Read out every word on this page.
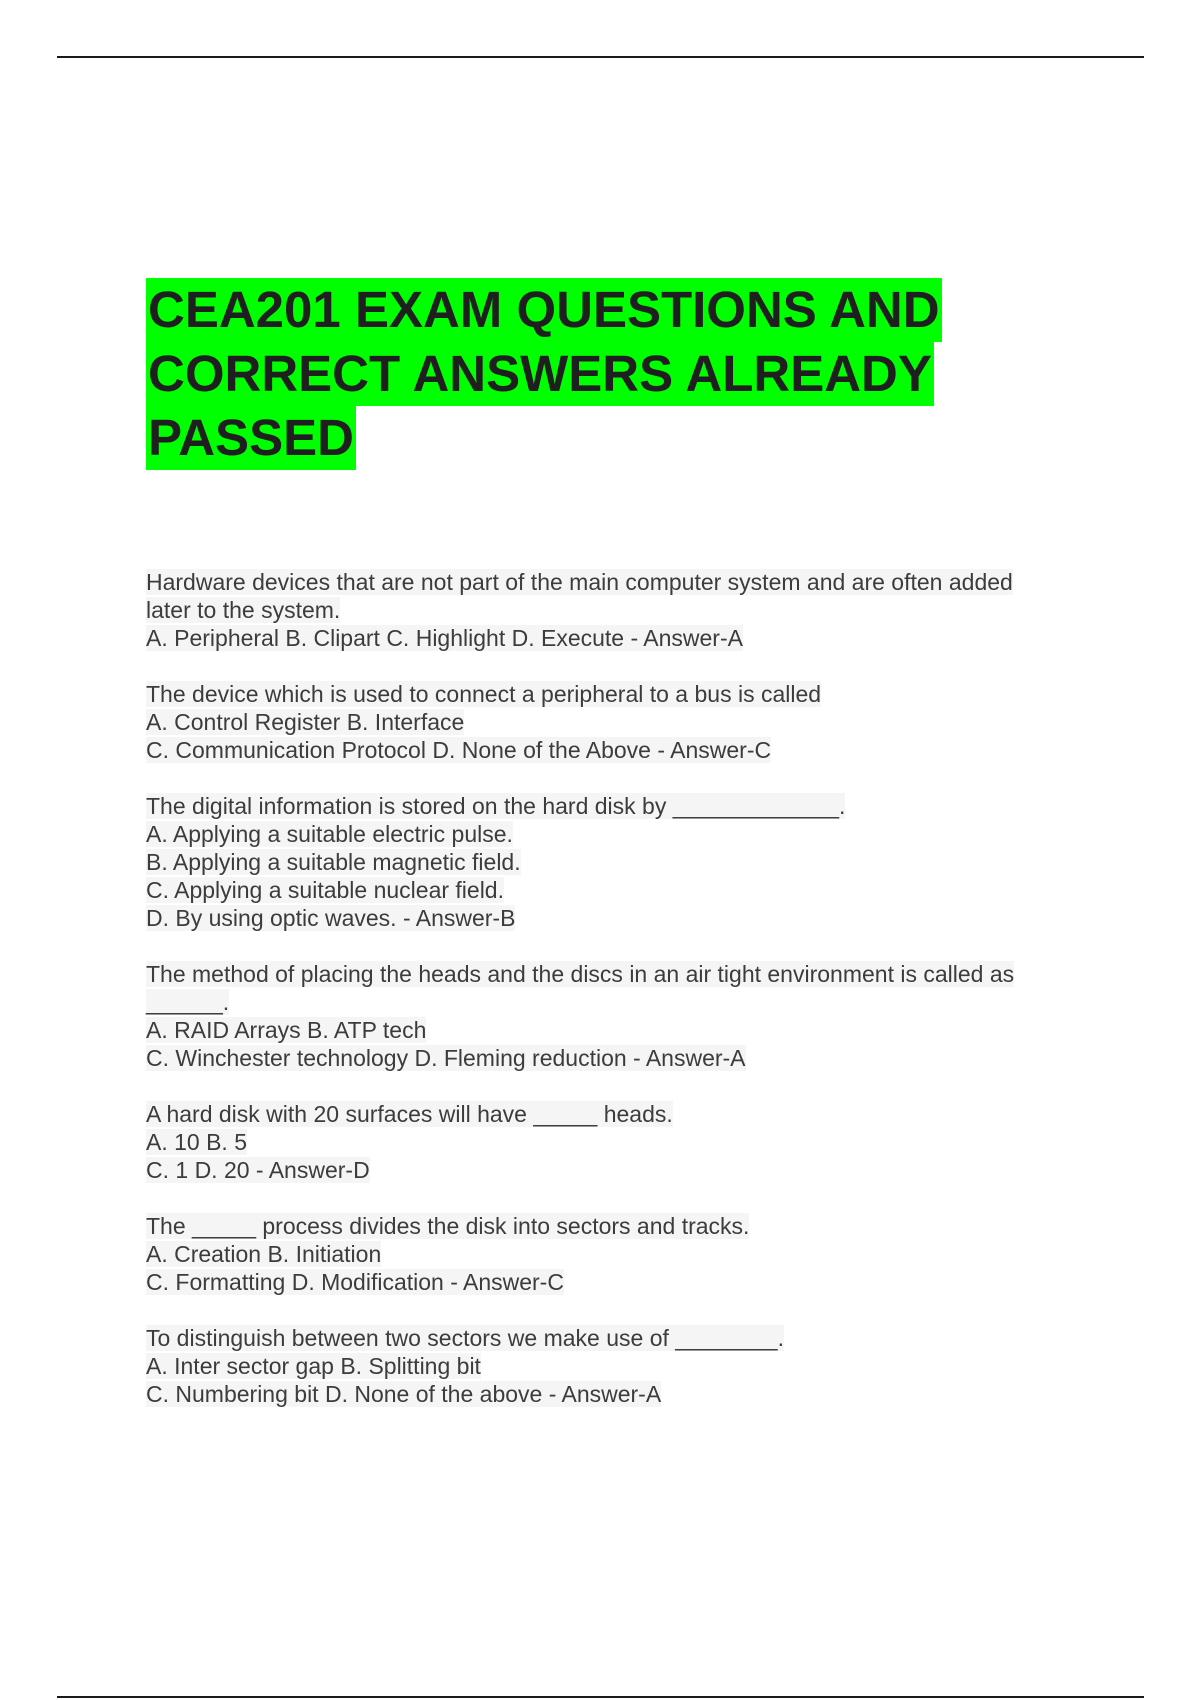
CEA201 EXAM QUESTIONS AND
CORRECT ANSWERS ALREADY
PASSED
Hardware devices that are not part of the main computer system and are often added
later to the system.
A. Peripheral B. Clipart C. Highlight D. Execute - Answer-A
The device which is used to connect a peripheral to a bus is called
A. Control Register B. Interface
C. Communication Protocol D. None of the Above - Answer-C
The digital information is stored on the hard disk by _____________.
A. Applying a suitable electric pulse.
B. Applying a suitable magnetic field.
C. Applying a suitable nuclear field.
D. By using optic waves. - Answer-B
The method of placing the heads and the discs in an air tight environment is called as
______.
A. RAID Arrays B. ATP tech
C. Winchester technology D. Fleming reduction - Answer-A
A hard disk with 20 surfaces will have _____ heads.
A. 10 B. 5
C. 1 D. 20 - Answer-D
The _____ process divides the disk into sectors and tracks.
A. Creation B. Initiation
C. Formatting D. Modification - Answer-C
To distinguish between two sectors we make use of ________.
A. Inter sector gap B. Splitting bit
C. Numbering bit D. None of the above - Answer-A
